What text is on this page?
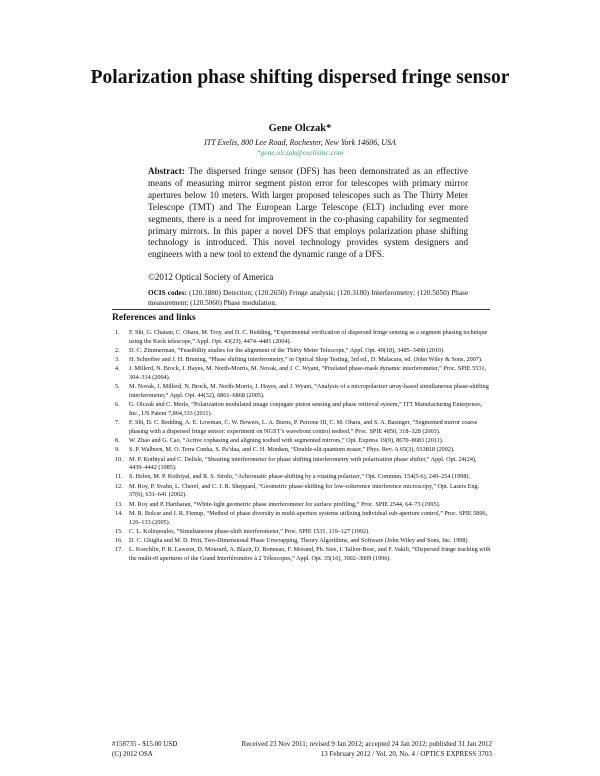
Polarization phase shifting dispersed fringe sensor
Gene Olczak*
ITT Exelis, 800 Lee Road, Rochester, New York 14606, USA
*gene.olczak@exelisinc.com
Abstract: The dispersed fringe sensor (DFS) has been demonstrated as an effective means of measuring mirror segment piston error for telescopes with primary mirror apertures below 10 meters. With larger proposed telescopes such as The Thirty Meter Telescope (TMT) and The European Large Telescope (ELT) including ever more segments, there is a need for improvement in the co-phasing capability for segmented primary mirrors. In this paper a novel DFS that employs polarization phase shifting technology is introduced. This novel technology provides system designers and engineers with a new tool to extend the dynamic range of a DFS.
©2012 Optical Society of America
OCIS codes: (120.1880) Detection; (120.2650) Fringe analysis; (120.3180) Interferometry; (120.5050) Phase measurement; (120.5060) Phase modulation.
References and links
1. F. Shi, G. Chanan, C. Ohara, M. Troy, and D. C. Redding, “Experimental verification of dispersed fringe sensing as a segment phasing technique using the Keck telescope,” Appl. Opt. 43(23), 4474–4481 (2004).
2. D. C. Zimmerman, “Feasibility studies for the alignment of the Thirty Meter Telescope,” Appl. Opt. 49(18), 3485–3498 (2010).
3. H. Schreiber and J. H. Bruning, “Phase shifting interferometry,” in Optical Shop Testing, 3rd ed., D. Malacara, ed. (John Wiley & Sons, 2007).
4. J. Millerd, N. Brock, J. Hayes, M. North-Morris, M. Novak, and J. C. Wyant, “Pixelated phase-mask dynamic interferometer,” Proc. SPIE 5531, 304–314 (2004).
5. M. Novak, J. Millerd, N. Brock, M. North-Morris, J. Hayes, and J. Wyant, “Analysis of a micropolarizer array-based simultaneous phase-shifting interferometer,” Appl. Opt. 44(32), 6861–6868 (2005).
6. G. Olczak and C. Merle, “Polarization modulated image conjugate piston sensing and phase retrieval system,” ITT Manufacturing Enterprises, Inc., US Patent 7,864,333 (2011).
7. F. Shi, D. C. Redding, A. E. Lowman, C. W. Bowers, L. A. Burns, P. Petrone III, C. M. Ohara, and S. A. Basinger, “Segmented mirror coarse phasing with a dispersed fringe sensor: experiment on NGST’s wavefront control testbed,” Proc. SPIE 4850, 318–328 (2003).
8. W. Zhao and G. Cao, “Active cophasing and aligning testbed with segmented mirrors,” Opt. Express 19(9), 8670–8683 (2011).
9. S. P. Walborn, M. O. Terra Cunha, S. Pa’dua, and C. H. Monken, “Double-slit quantum eraser,” Phys. Rev. A 65(3), 033818 (2002).
10. M. P. Kothiyal and C. Delisle, “Shearing interferometer for phase shifting interferometry with polarization phase shifter,” Appl. Opt. 24(24), 4439–4442 (1985).
11. S. Helen, M. P. Kothiyal, and R. S. Sirohi, “Achromatic phase-shifting by a rotating polarizer,” Opt. Commun. 154(5-6), 249–254 (1998).
12. M. Roy, P. Svahn, L. Cherel, and C. J. R. Sheppard, “Geometric phase-shifting for low-coherence interference microscopy,” Opt. Lasers Eng. 37(6), 631–641 (2002).
13. M. Roy and P. Hariharan, “White-light geometric phase interferometer for surface profiling,” Proc. SPIE 2544, 64–73 (1995).
14. M. R. Bolcar and J. R. Fienup, “Method of phase diversity in multi-aperture systems utilizing individual sub-aperture control,” Proc. SPIE 5896, 126–133 (2005).
15. C. L. Koliopoulos, “Simultaneous phase-shift interferometer,” Proc. SPIE 1531, 119–127 (1992).
16. D. C. Ghiglia and M. D. Pritt, Two-Dimensional Phase Unwrapping, Theory Algorithms, and Software (John Wiley and Sons, Inc. 1998)
17. L. Koechlin, P. R. Lawson, D. Mourard, A. Blazit, D. Bonneau, F. Morand, Ph. Stee, I. Tallon-Bosc, and F. Vakili, “Dispersed fringe tracking with the multi-r0 apertures of the Grand Interféromètre à 2 Télescopes,” Appl. Opt. 35(16), 3002–3009 (1996).
#158735 - $15.00 USD
(C) 2012 OSA
Received 23 Nov 2011; revised 9 Jan 2012; accepted 24 Jan 2012; published 31 Jan 2012
13 February 2012 / Vol. 20, No. 4 / OPTICS EXPRESS 3703
